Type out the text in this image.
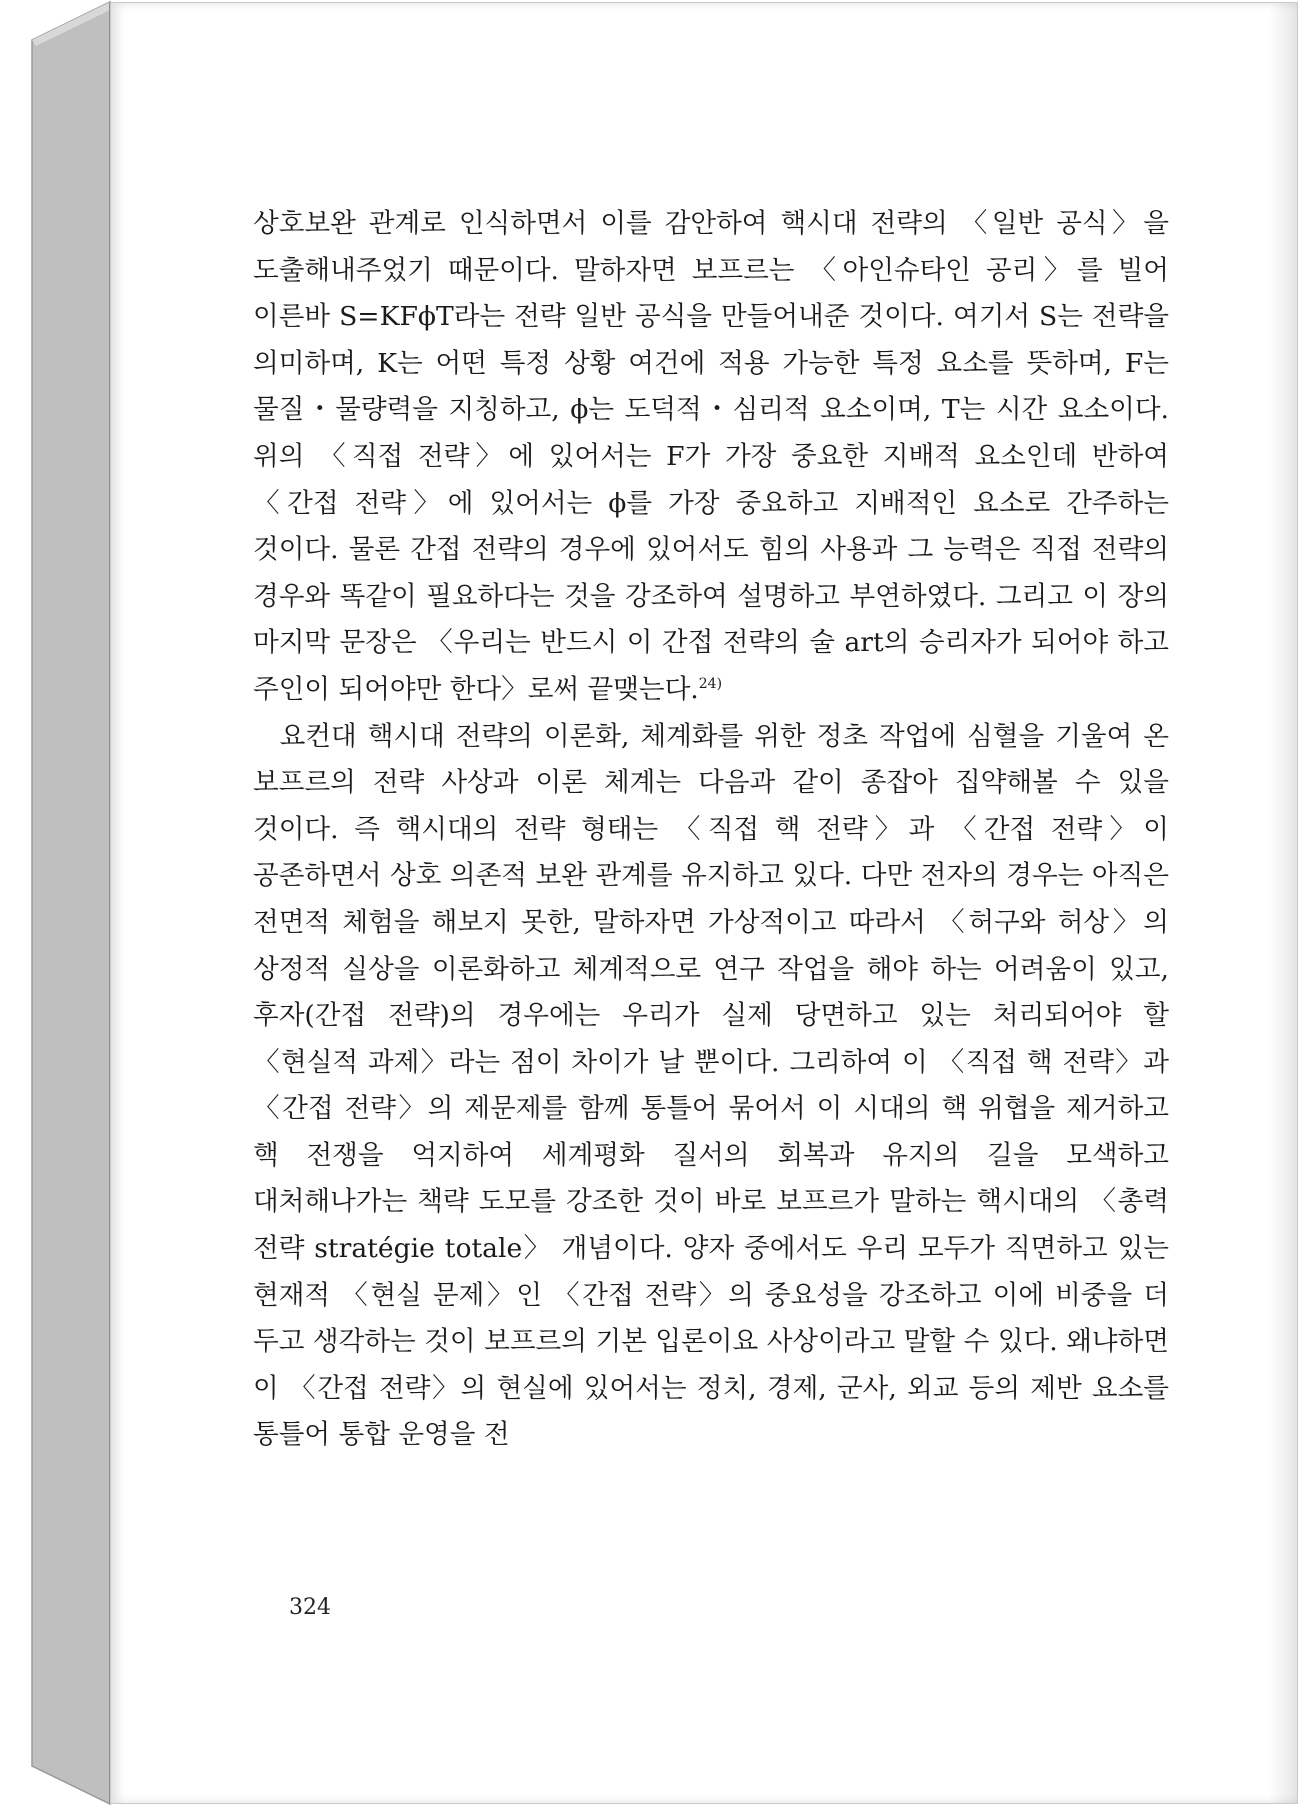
상호보완 관계로 인식하면서 이를 감안하여 핵시대 전략의 〈일반 공식〉을 도출해내주었기 때문이다. 말하자면 보프르는 〈아인슈타인 공리〉를 빌어 이른바 S=KFϕT라는 전략 일반 공식을 만들어내준 것이다. 여기서 S는 전략을 의미하며, K는 어떤 특정 상황 여건에 적용 가능한 특정 요소를 뜻하며, F는 물질・물량력을 지칭하고, ϕ는 도덕적・심리적 요소이며, T는 시간 요소이다. 위의 〈직접 전략〉에 있어서는 F가 가장 중요한 지배적 요소인데 반하여 〈간접 전략〉에 있어서는 ϕ를 가장 중요하고 지배적인 요소로 간주하는 것이다. 물론 간접 전략의 경우에 있어서도 힘의 사용과 그 능력은 직접 전략의 경우와 똑같이 필요하다는 것을 강조하여 설명하고 부연하였다. 그리고 이 장의 마지막 문장은 〈우리는 반드시 이 간접 전략의 술 art의 승리자가 되어야 하고 주인이 되어야만 한다〉로써 끝맺는다.$^{24)}$

요컨대 핵시대 전략의 이론화, 체계화를 위한 정초 작업에 심혈을 기울여 온 보프르의 전략 사상과 이론 체계는 다음과 같이 종잡아 집약해볼 수 있을 것이다. 즉 핵시대의 전략 형태는 〈직접 핵 전략〉과 〈간접 전략〉이 공존하면서 상호 의존적 보완 관계를 유지하고 있다. 다만 전자의 경우는 아직은 전면적 체험을 해보지 못한, 말하자면 가상적이고 따라서 〈허구와 허상〉의 상정적 실상을 이론화하고 체계적으로 연구 작업을 해야 하는 어려움이 있고, 후자(간접 전략)의 경우에는 우리가 실제 당면하고 있는 처리되어야 할 〈현실적 과제〉라는 점이 차이가 날 뿐이다. 그리하여 이 〈직접 핵 전략〉과 〈간접 전략〉의 제문제를 함께 통틀어 묶어서 이 시대의 핵 위협을 제거하고 핵 전쟁을 억지하여 세계평화 질서의 회복과 유지의 길을 모색하고 대처해나가는 책략 도모를 강조한 것이 바로 보프르가 말하는 핵시대의 〈총력 전략 stratégie totale〉 개념이다. 양자 중에서도 우리 모두가 직면하고 있는 현재적 〈현실 문제〉인 〈간접 전략〉의 중요성을 강조하고 이에 비중을 더 두고 생각하는 것이 보프르의 기본 입론이요 사상이라고 말할 수 있다. 왜냐하면 이 〈간접 전략〉의 현실에 있어서는 정치, 경제, 군사, 외교 등의 제반 요소를 통틀어 통합 운영을 전

324
